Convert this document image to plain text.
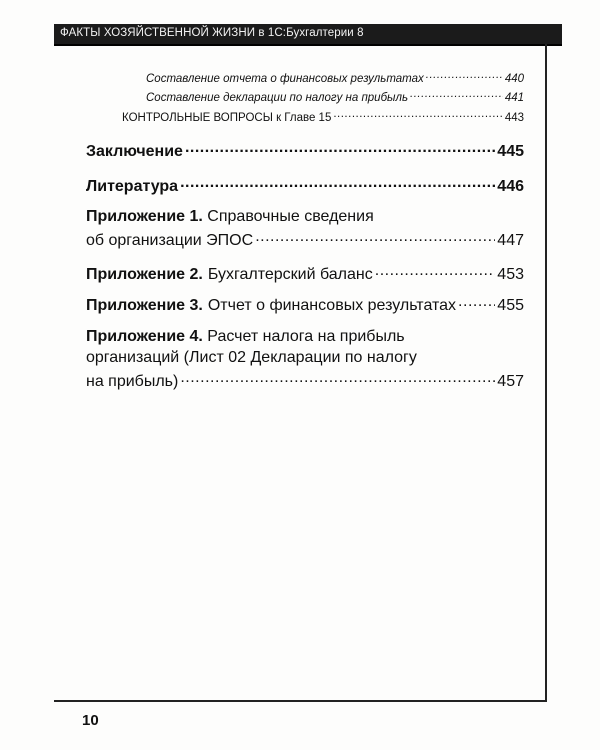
ФАКТЫ ХОЗЯЙСТВЕННОЙ ЖИЗНИ в 1С:Бухгалтерии 8
Составление отчета о финансовых результатах .....	440
Составление декларации по налогу на прибыль .....	441
КОНТРОЛЬНЫЕ ВОПРОСЫ к Главе 15 .....	443
Заключение .....	445
Литература .....	446
Приложение 1. Справочные сведения
об организации ЭПОС .....	447
Приложение 2. Бухгалтерский баланс .....	453
Приложение 3. Отчет о финансовых результатах .....	455
Приложение 4. Расчет налога на прибыль
организаций (Лист 02 Декларации по налогу
на прибыль) .....	457
10
